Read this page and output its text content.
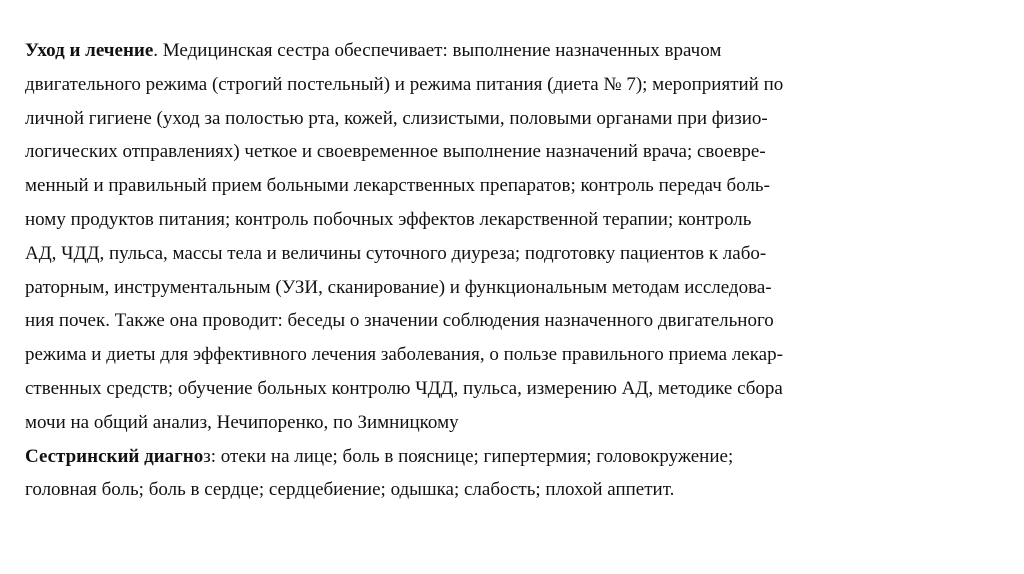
Уход и лечение. Медицинская сестра обеспечивает: выполнение назначенных врачом
двигательного режима (строгий постельный) и режима питания (диета № 7); мероприятий по
личной гигиене (уход за полостью рта, кожей, слизистыми, половыми органами при физио-
логических отправлениях) четкое и своевременное выполнение назначений врача; своевре-
менный и правильный прием больными лекарственных препаратов; контроль передач боль-
ному продуктов питания; контроль побочных эффектов лекарственной терапии; контроль
АД, ЧДД, пульса, массы тела и величины суточного диуреза; подготовку пациентов к лабо-
раторным, инструментальным (УЗИ, сканирование) и функциональным методам исследова-
ния почек. Также она проводит: беседы о значении соблюдения назначенного двигательного
режима и диеты для эффективного лечения заболевания, о пользе правильного приема лекар-
ственных средств; обучение больных контролю ЧДД, пульса, измерению АД, методике сбора
мочи на общий анализ, Нечипоренко, по Зимницкому
Сестринский диагноз: отеки на лице; боль в пояснице; гипертермия; головокружение;
головная боль; боль в сердце; сердцебиение; одышка; слабость; плохой аппетит.
